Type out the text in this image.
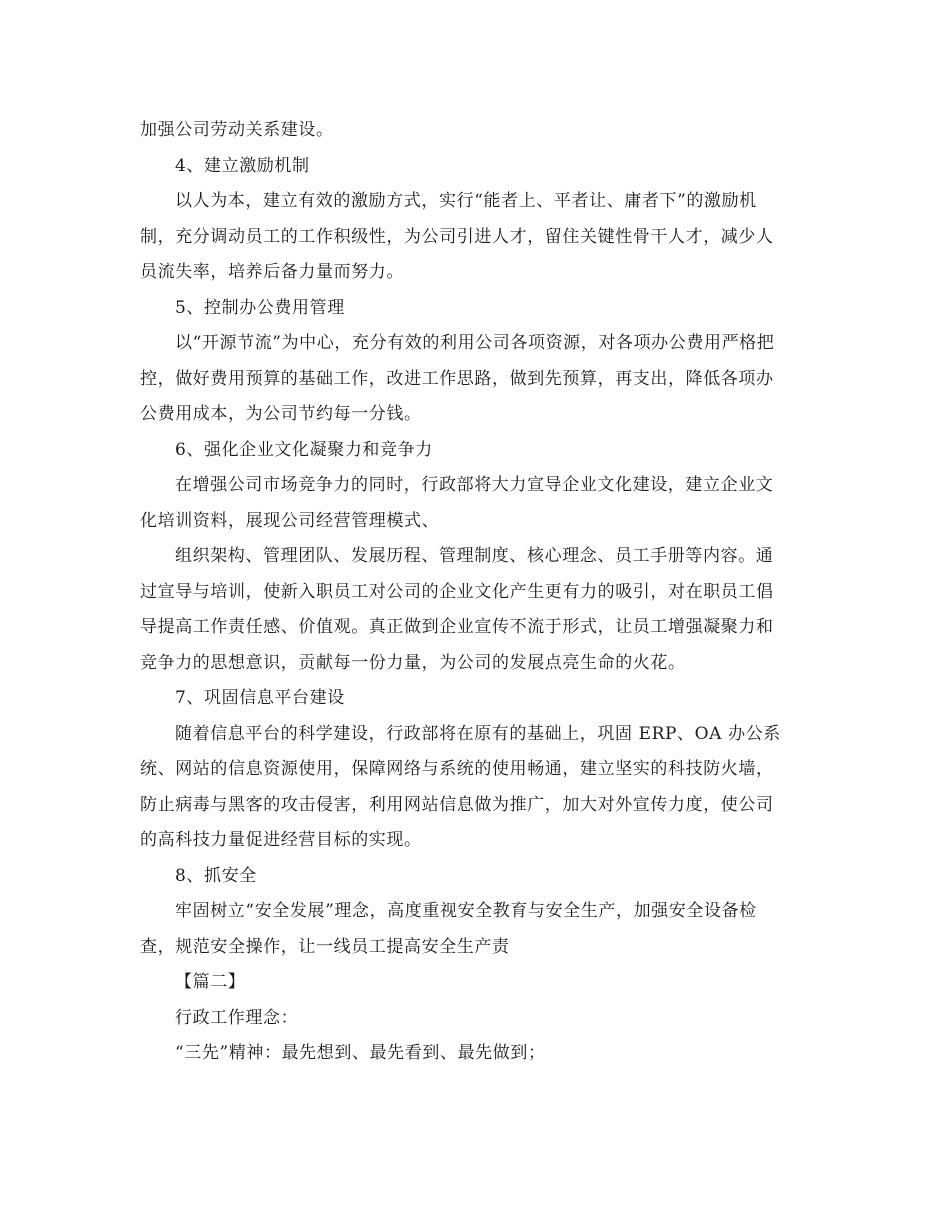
加强公司劳动关系建设。

4、建立激励机制

以人为本，建立有效的激励方式，实行“能者上、平者让、庸者下”的激励机

制，充分调动员工的工作积级性，为公司引进人才，留住关键性骨干人才，减少人

员流失率，培养后备力量而努力。

5、控制办公费用管理

以“开源节流”为中心，充分有效的利用公司各项资源，对各项办公费用严格把

控，做好费用预算的基础工作，改进工作思路，做到先预算，再支出，降低各项办

公费用成本，为公司节约每一分钱。

6、强化企业文化凝聚力和竞争力

在增强公司市场竞争力的同时，行政部将大力宣导企业文化建设，建立企业文

化培训资料，展现公司经营管理模式、

组织架构、管理团队、发展历程、管理制度、核心理念、员工手册等内容。通

过宣导与培训，使新入职员工对公司的企业文化产生更有力的吸引，对在职员工倡

导提高工作责任感、价值观。真正做到企业宣传不流于形式，让员工增强凝聚力和

竞争力的思想意识，贡献每一份力量，为公司的发展点亮生命的火花。

7、巩固信息平台建设

随着信息平台的科学建设，行政部将在原有的基础上，巩固 ERP、OA 办公系

统、网站的信息资源使用，保障网络与系统的使用畅通，建立坚实的科技防火墙，

防止病毒与黑客的攻击侵害，利用网站信息做为推广，加大对外宣传力度，使公司

的高科技力量促进经营目标的实现。

8、抓安全

牢固树立“安全发展”理念，高度重视安全教育与安全生产，加强安全设备检

查，规范安全操作，让一线员工提高安全生产责

【篇二】

行政工作理念：

“三先”精神：最先想到、最先看到、最先做到；
